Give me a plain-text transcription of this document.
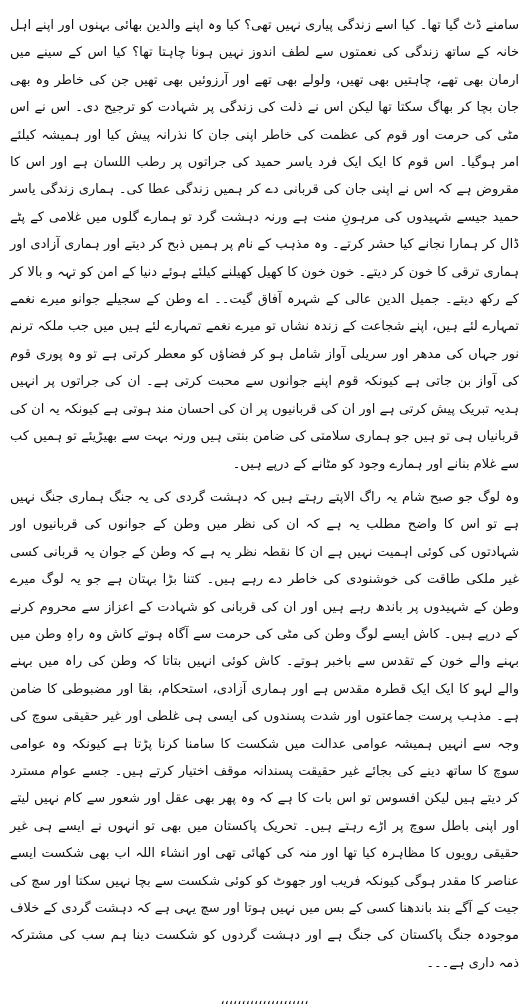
سامنے ڈٹ گیا تھا۔ کیا اسے زندگی پیاری نہیں تھی؟ کیا وہ اپنے والدین بھائی بہنوں اور اپنے اہل خانہ کے ساتھ زندگی کی نعمتوں سے لطف اندوز نہیں ہونا چاہتا تھا؟ کیا اس کے سینے میں ارمان بھی تھے، چاہتیں بھی تھیں، ولولے بھی تھے اور آرزوئیں بھی تھیں جن کی خاطر وہ بھی جان بچا کر بھاگ سکتا تھا لیکن اس نے ذلت کی زندگی پر شہادت کو ترجیح دی۔ اس نے اس مٹی کی حرمت اور قوم کی عظمت کی خاطر اپنی جان کا نذرانہ پیش کیا اور ہمیشہ کیلئے امر ہوگیا۔ اس قوم کا ایک ایک فرد یاسر حمید کی جراتوں پر رطب اللسان ہے اور اس کا مقروض ہے کہ اس نے اپنی جان کی قربانی دے کر ہمیں زندگی عطا کی۔ ہماری زندگی یاسر حمید جیسے شہیدوں کی مرہونِ منت ہے ورنہ دہشت گرد تو ہمارے گلوں میں غلامی کے پٹے ڈال کر ہمارا نجانے کیا حشر کرتے۔ وہ مذہب کے نام پر ہمیں ذبح کر دیتے اور ہماری آزادی اور ہماری ترقی کا خون کر دیتے۔ خون خون کا کھیل کھیلنے کیلئے ہوئے دنیا کے امن کو تہہ و بالا کر کے رکھ دیتے۔ جمیل الدین عالی کے شہرہ آفاق گیت۔۔ اے وطن کے سجیلے جوانو میرے نغمے تمہارے لئے ہیں، اپنے شجاعت کے زندہ نشاں تو میرے نغمے تمہارے لئے ہیں میں جب ملکہ ترنم نور جہاں کی مدھر اور سریلی آواز شامل ہو کر فضاؤں کو معطر کرتی ہے تو وہ پوری قوم کی آواز بن جاتی ہے کیونکہ قوم اپنے جوانوں سے محبت کرتی ہے۔ ان کی جراتوں پر انہیں ہدیہ تبریک پیش کرتی ہے اور ان کی قربانیوں پر ان کی احسان مند ہوتی ہے کیونکہ یہ ان کی قربانیاں ہی تو ہیں جو ہماری سلامتی کی ضامن بنتی ہیں ورنہ بہت سے بھیڑیئے تو ہمیں کب سے غلام بنانے اور ہمارے وجود کو مٹانے کے درپے ہیں۔

وہ لوگ جو صبح شام یہ راگ الاپتے رہتے ہیں کہ دہشت گردی کی یہ جنگ ہماری جنگ نہیں ہے تو اس کا واضح مطلب یہ ہے کہ ان کی نظر میں وطن کے جوانوں کی قربانیوں اور شہادتوں کی کوئی اہمیت نہیں ہے ان کا نقطہ نظر یہ ہے کہ وطن کے جوان یہ قربانی کسی غیر ملکی طاقت کی خوشنودی کی خاطر دے رہے ہیں۔ کتنا بڑا بہتان ہے جو یہ لوگ میرے وطن کے شہیدوں پر باندھ رہے ہیں اور ان کی قربانی کو شہادت کے اعزاز سے محروم کرنے کے درپے ہیں۔ کاش ایسے لوگ وطن کی مٹی کی حرمت سے آگاہ ہوتے کاش وہ راہِ وطن میں بہنے والے خون کے تقدس سے باخبر ہوتے۔ کاش کوئی انہیں بتاتا کہ وطن کی راہ میں بہنے والے لہو کا ایک ایک قطرہ مقدس ہے اور ہماری آزادی، استحکام، بقا اور مضبوطی کا ضامن ہے۔ مذہب پرست جماعتوں اور شدت پسندوں کی ایسی ہی غلطی اور غیر حقیقی سوچ کی وجہ سے انہیں ہمیشہ عوامی عدالت میں شکست کا سامنا کرنا پڑتا ہے کیونکہ وہ عوامی سوچ کا ساتھ دینے کی بجائے غیر حقیقت پسندانہ موقف اختیار کرتے ہیں۔ جسے عوام مسترد کر دیتے ہیں لیکن افسوس تو اس بات کا ہے کہ وہ پھر بھی عقل اور شعور سے کام نہیں لیتے اور اپنی باطل سوچ پر اڑے رہتے ہیں۔ تحریک پاکستان میں بھی تو انہوں نے ایسے ہی غیر حقیقی رویوں کا مظاہرہ کیا تھا اور منہ کی کھائی تھی اور انشاء اللہ اب بھی شکست ایسے عناصر کا مقدر ہوگی کیونکہ فریب اور جھوٹ کو کوئی شکست سے بچا نہیں سکتا اور سچ کی جیت کے آگے بند باندھنا کسی کے بس میں نہیں ہوتا اور سچ یہی ہے کہ دہشت گردی کے خلاف موجودہ جنگ پاکستان کی جنگ ہے اور دہشت گردوں کو شکست دینا ہم سب کی مشترکہ ذمہ داری ہے۔۔۔

،،،،،،،،،،،،،،،،،،،،،
